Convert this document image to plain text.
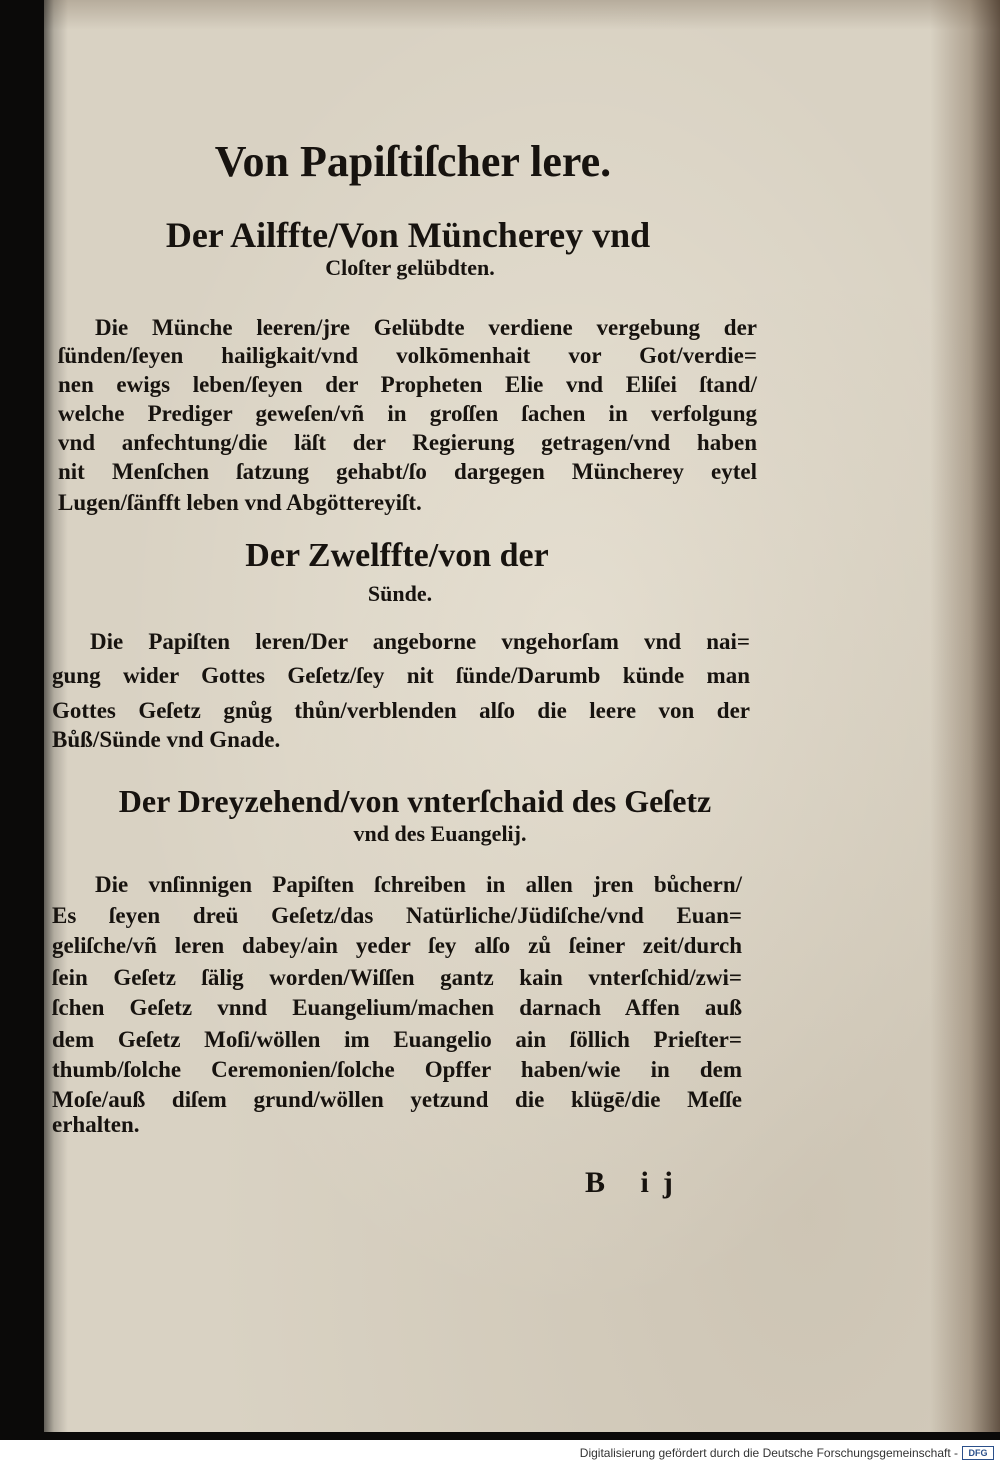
Von Papiſtiſcher lere.
Der Ailffte/Von Müncherey vnd
Cloſter gelübdten.
Die Münche leeren/jre Gelübdte verdiene vergebung der
ſünden/ſeyen hailigkait/vnd volkōmenhait vor Got/verdie=
nen ewigs leben/ſeyen der Propheten Elie vnd Eliſei ſtand/
welche Prediger geweſen/vñ in groſſen ſachen in verfolgung
vnd anfechtung/die läſt der Regierung getragen/vnd haben
nit Menſchen ſatzung gehabt/ſo dargegen Müncherey eytel
Lugen/ſänfft leben vnd Abgöttereyiſt.
Der Zwelffte/von der
Sünde.
Die Papiſten leren/Der angeborne vngehorſam vnd nai=
gung wider Gottes Geſetz/ſey nit ſünde/Darumb künde man
Gottes Geſetz gnůg thůn/verblenden alſo die leere von der
Bůß/Sünde vnd Gnade.
Der Dreyzehend/von vnterſchaid des Geſetz
vnd des Euangelij.
Die vnſinnigen Papiſten ſchreiben in allen jren bůchern/
Es ſeyen dreü Geſetz/das Natürliche/Jüdiſche/vnd Euan=
geliſche/vñ leren dabey/ain yeder ſey alſo zů ſeiner zeit/durch
ſein Geſetz ſälig worden/Wiſſen gantz kain vnterſchid/zwi=
ſchen Geſetz vnnd Euangelium/machen darnach Affen auß
dem Geſetz Moſi/wöllen im Euangelio ain ſöllich Prieſter=
thumb/ſolche Ceremonien/ſolche Opffer haben/wie in dem
Moſe/auß diſem grund/wöllen yetzund die klügē/die Meſſe
erhalten.
B ij
Digitalisierung gefördert durch die Deutsche Forschungsgemeinschaft -	DFG
